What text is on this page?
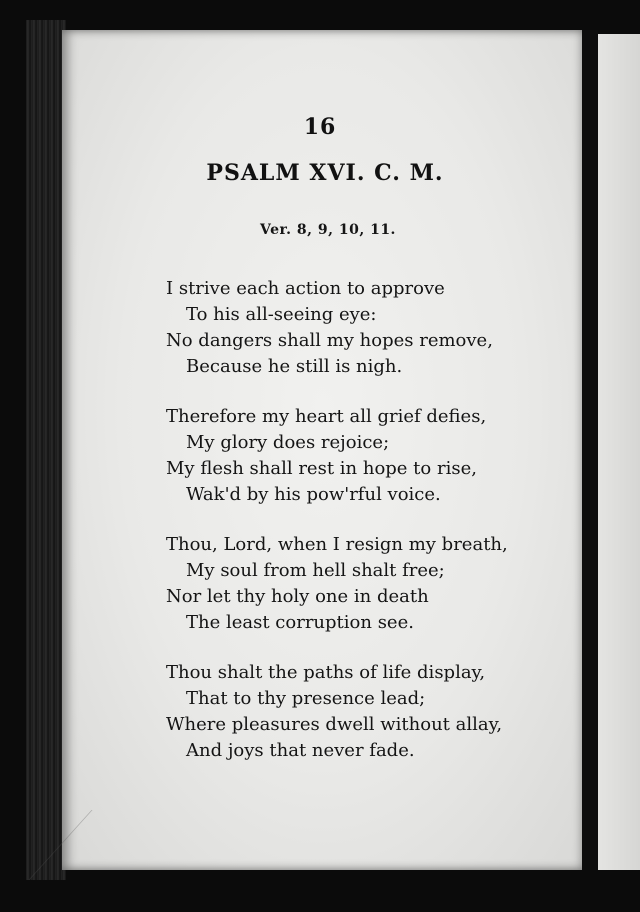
16
PSALM XVI. C. M.
Ver. 8, 9, 10, 11.
I strive each action to approve
To his all-seeing eye:
No dangers shall my hopes remove,
Because he still is nigh.
Therefore my heart all grief defies,
My glory does rejoice;
My flesh shall rest in hope to rise,
Wak'd by his pow'rful voice.
Thou, Lord, when I resign my breath,
My soul from hell shalt free;
Nor let thy holy one in death
The least corruption see.
Thou shalt the paths of life display,
That to thy presence lead;
Where pleasures dwell without allay,
And joys that never fade.
